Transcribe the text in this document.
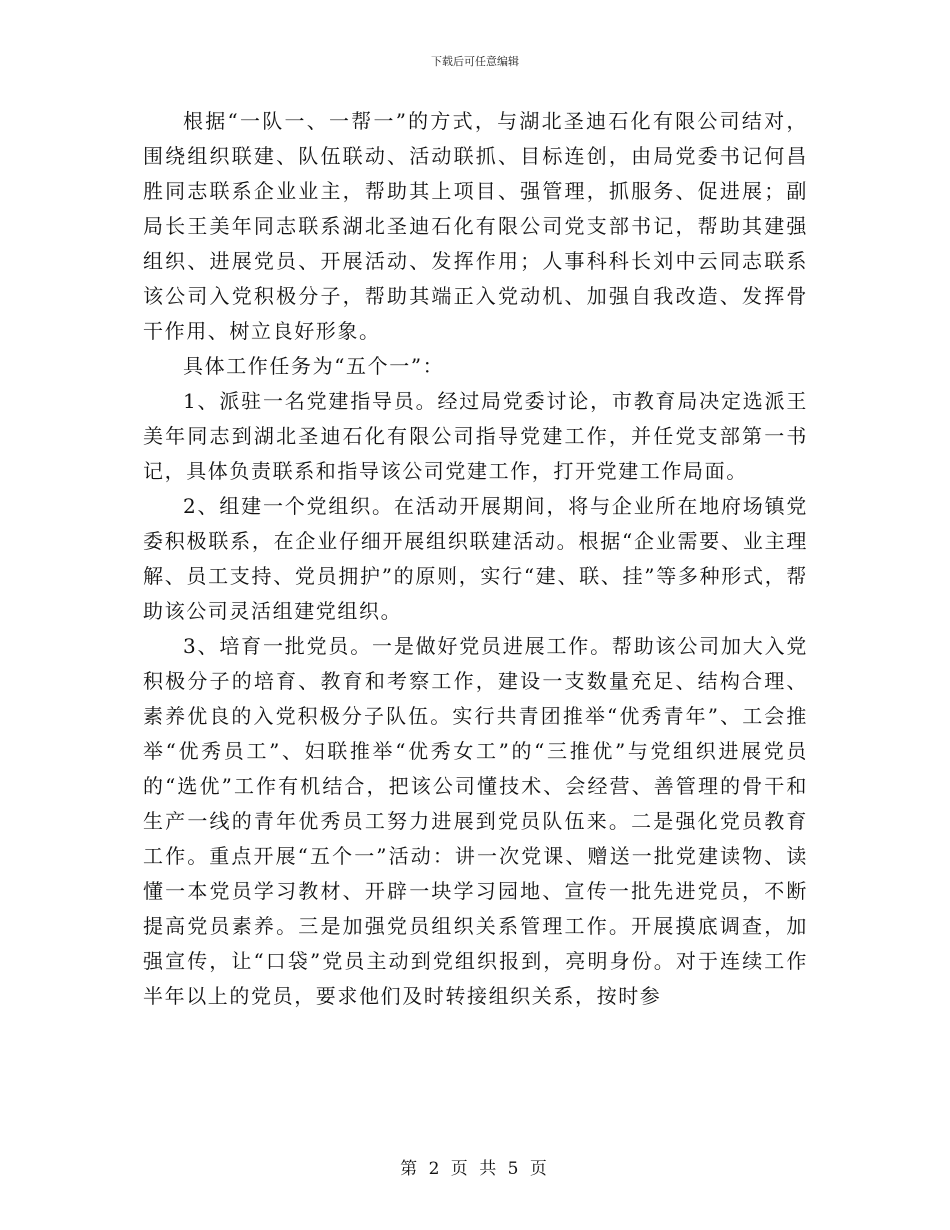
下载后可任意编辑

根据“一队一、一帮一”的方式，与湖北圣迪石化有限公司结对，围绕组织联建、队伍联动、活动联抓、目标连创，由局党委书记何昌胜同志联系企业业主，帮助其上项目、强管理，抓服务、促进展；副局长王美年同志联系湖北圣迪石化有限公司党支部书记，帮助其建强组织、进展党员、开展活动、发挥作用；人事科科长刘中云同志联系该公司入党积极分子，帮助其端正入党动机、加强自我改造、发挥骨干作用、树立良好形象。

具体工作任务为“五个一”：

1、派驻一名党建指导员。经过局党委讨论，市教育局决定选派王美年同志到湖北圣迪石化有限公司指导党建工作，并任党支部第一书记，具体负责联系和指导该公司党建工作，打开党建工作局面。

2、组建一个党组织。在活动开展期间，将与企业所在地府场镇党委积极联系，在企业仔细开展组织联建活动。根据“企业需要、业主理解、员工支持、党员拥护”的原则，实行“建、联、挂”等多种形式，帮助该公司灵活组建党组织。

3、培育一批党员。一是做好党员进展工作。帮助该公司加大入党积极分子的培育、教育和考察工作，建设一支数量充足、结构合理、素养优良的入党积极分子队伍。实行共青团推举“优秀青年”、工会推举“优秀员工”、妇联推举“优秀女工”的“三推优”与党组织进展党员的“选优”工作有机结合，把该公司懂技术、会经营、善管理的骨干和生产一线的青年优秀员工努力进展到党员队伍来。二是强化党员教育工作。重点开展“五个一”活动：讲一次党课、赠送一批党建读物、读懂一本党员学习教材、开辟一块学习园地、宣传一批先进党员，不断提高党员素养。三是加强党员组织关系管理工作。开展摸底调查，加强宣传，让“口袋”党员主动到党组织报到，亮明身份。对于连续工作半年以上的党员，要求他们及时转接组织关系，按时参

第 2 页 共 5 页
